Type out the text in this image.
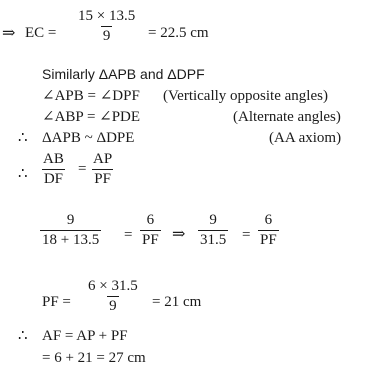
⇒ EC = $\frac{15 \times 13.5}{9} = 22.5$ cm
Similarly ΔAPB and ΔDPF
∠APB = ∠DPF (Vertically opposite angles)
∠ABP = ∠PDE	(Alternate angles)
∴ ΔAPB ~ ΔDPE	(AA axiom)
∴ $\frac{AB}{DF} = \frac{AP}{PF}$
$\frac{9}{18 + 13.5} = \frac{6}{PF}$ ⇒ $\frac{9}{31.5} = \frac{6}{PF}$
PF = $\frac{6 \times 31.5}{9} = 21$ cm
∴ AF = AP + PF
= 6 + 21 = 27 cm
